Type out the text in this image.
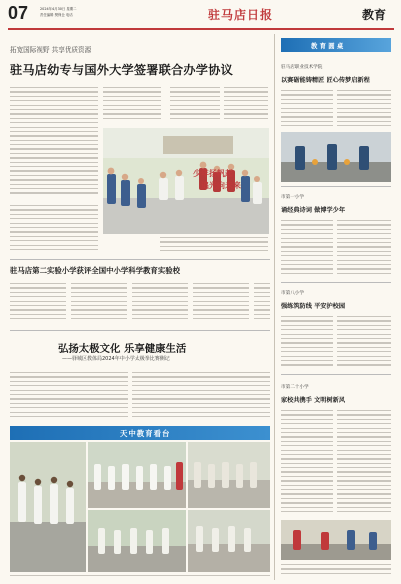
07	2024年4月30日 星期二
责任编辑 樊保仓 电话	驻马店日报	教育
拓宽国际视野 共享优质资源
驻马店幼专与国外大学签署联合办学协议
少年扬帆起
追光向未来
驻马店第二实验小学获评全国中小学科学教育实验校
弘扬太极文化 乐享健康生活
——驿城区教体局2024年中小学太极拳比赛侧记
天中教育看台
教 育 圆 桌
驻马店职业技术学院
以赛砺能铸精匠 匠心传梦启新程
市第一小学
诵经典诗词 做博学少年
市第八小学
强练筑防线 平安护校园
市第二十小学
家校共携手 文明树新风
